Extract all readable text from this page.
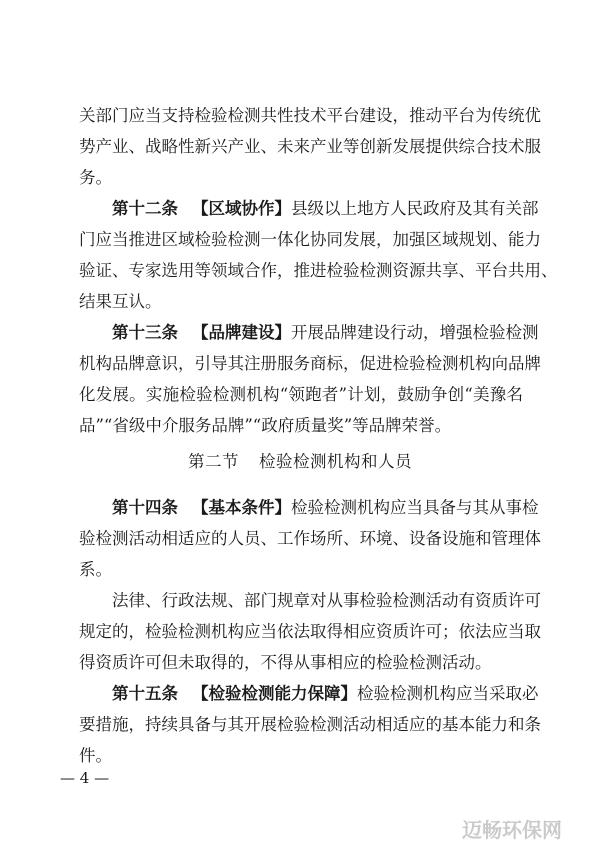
关部门应当支持检验检测共性技术平台建设，推动平台为传统优
势产业、战略性新兴产业、未来产业等创新发展提供综合技术服
务。
第十二条 【区域协作】县级以上地方人民政府及其有关部
门应当推进区域检验检测一体化协同发展，加强区域规划、能力
验证、专家选用等领域合作，推进检验检测资源共享、平台共用、
结果互认。
第十三条 【品牌建设】开展品牌建设行动，增强检验检测
机构品牌意识，引导其注册服务商标，促进检验检测机构向品牌
化发展。实施检验检测机构“领跑者”计划，鼓励争创“美豫名
品”“省级中介服务品牌”“政府质量奖”等品牌荣誉。
第二节 检验检测机构和人员
第十四条 【基本条件】检验检测机构应当具备与其从事检
验检测活动相适应的人员、工作场所、环境、设备设施和管理体
系。
法律、行政法规、部门规章对从事检验检测活动有资质许可
规定的，检验检测机构应当依法取得相应资质许可；依法应当取
得资质许可但未取得的，不得从事相应的检验检测活动。
第十五条 【检验检测能力保障】检验检测机构应当采取必
要措施，持续具备与其开展检验检测活动相适应的基本能力和条
件。
— 4 —
迈畅环保网
